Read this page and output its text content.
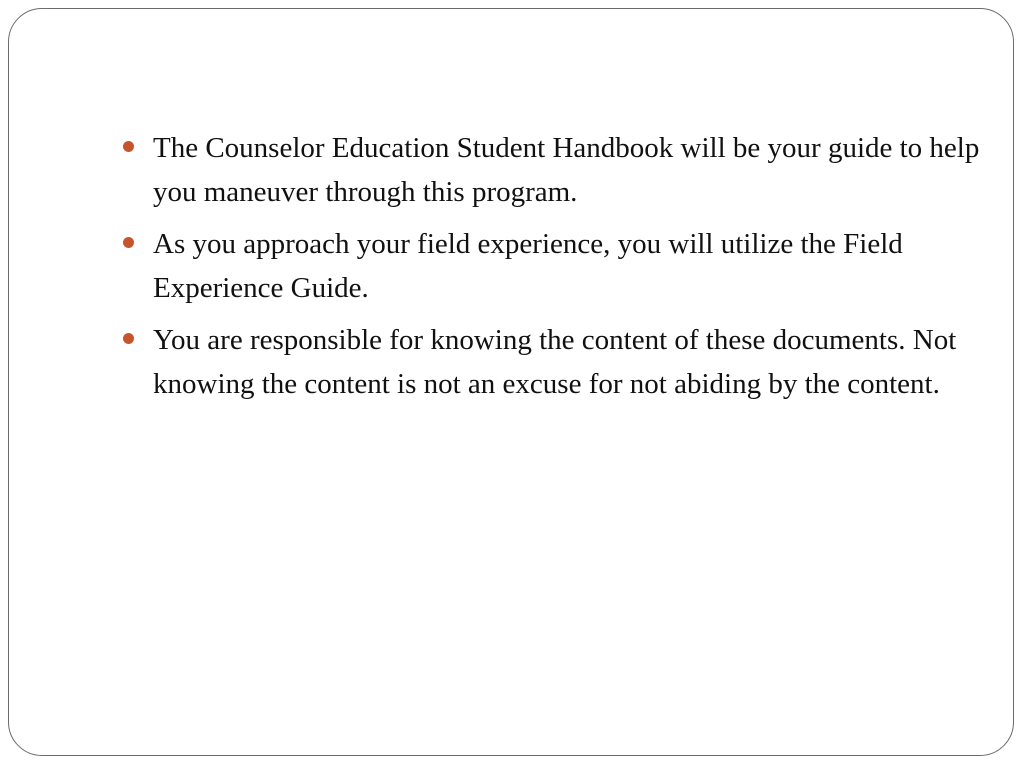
The Counselor Education Student Handbook will be your guide to help you maneuver through this program.
As you approach your field experience, you will utilize the Field Experience Guide.
You are responsible for knowing the content of these documents. Not knowing the content is not an excuse for not abiding by the content.
